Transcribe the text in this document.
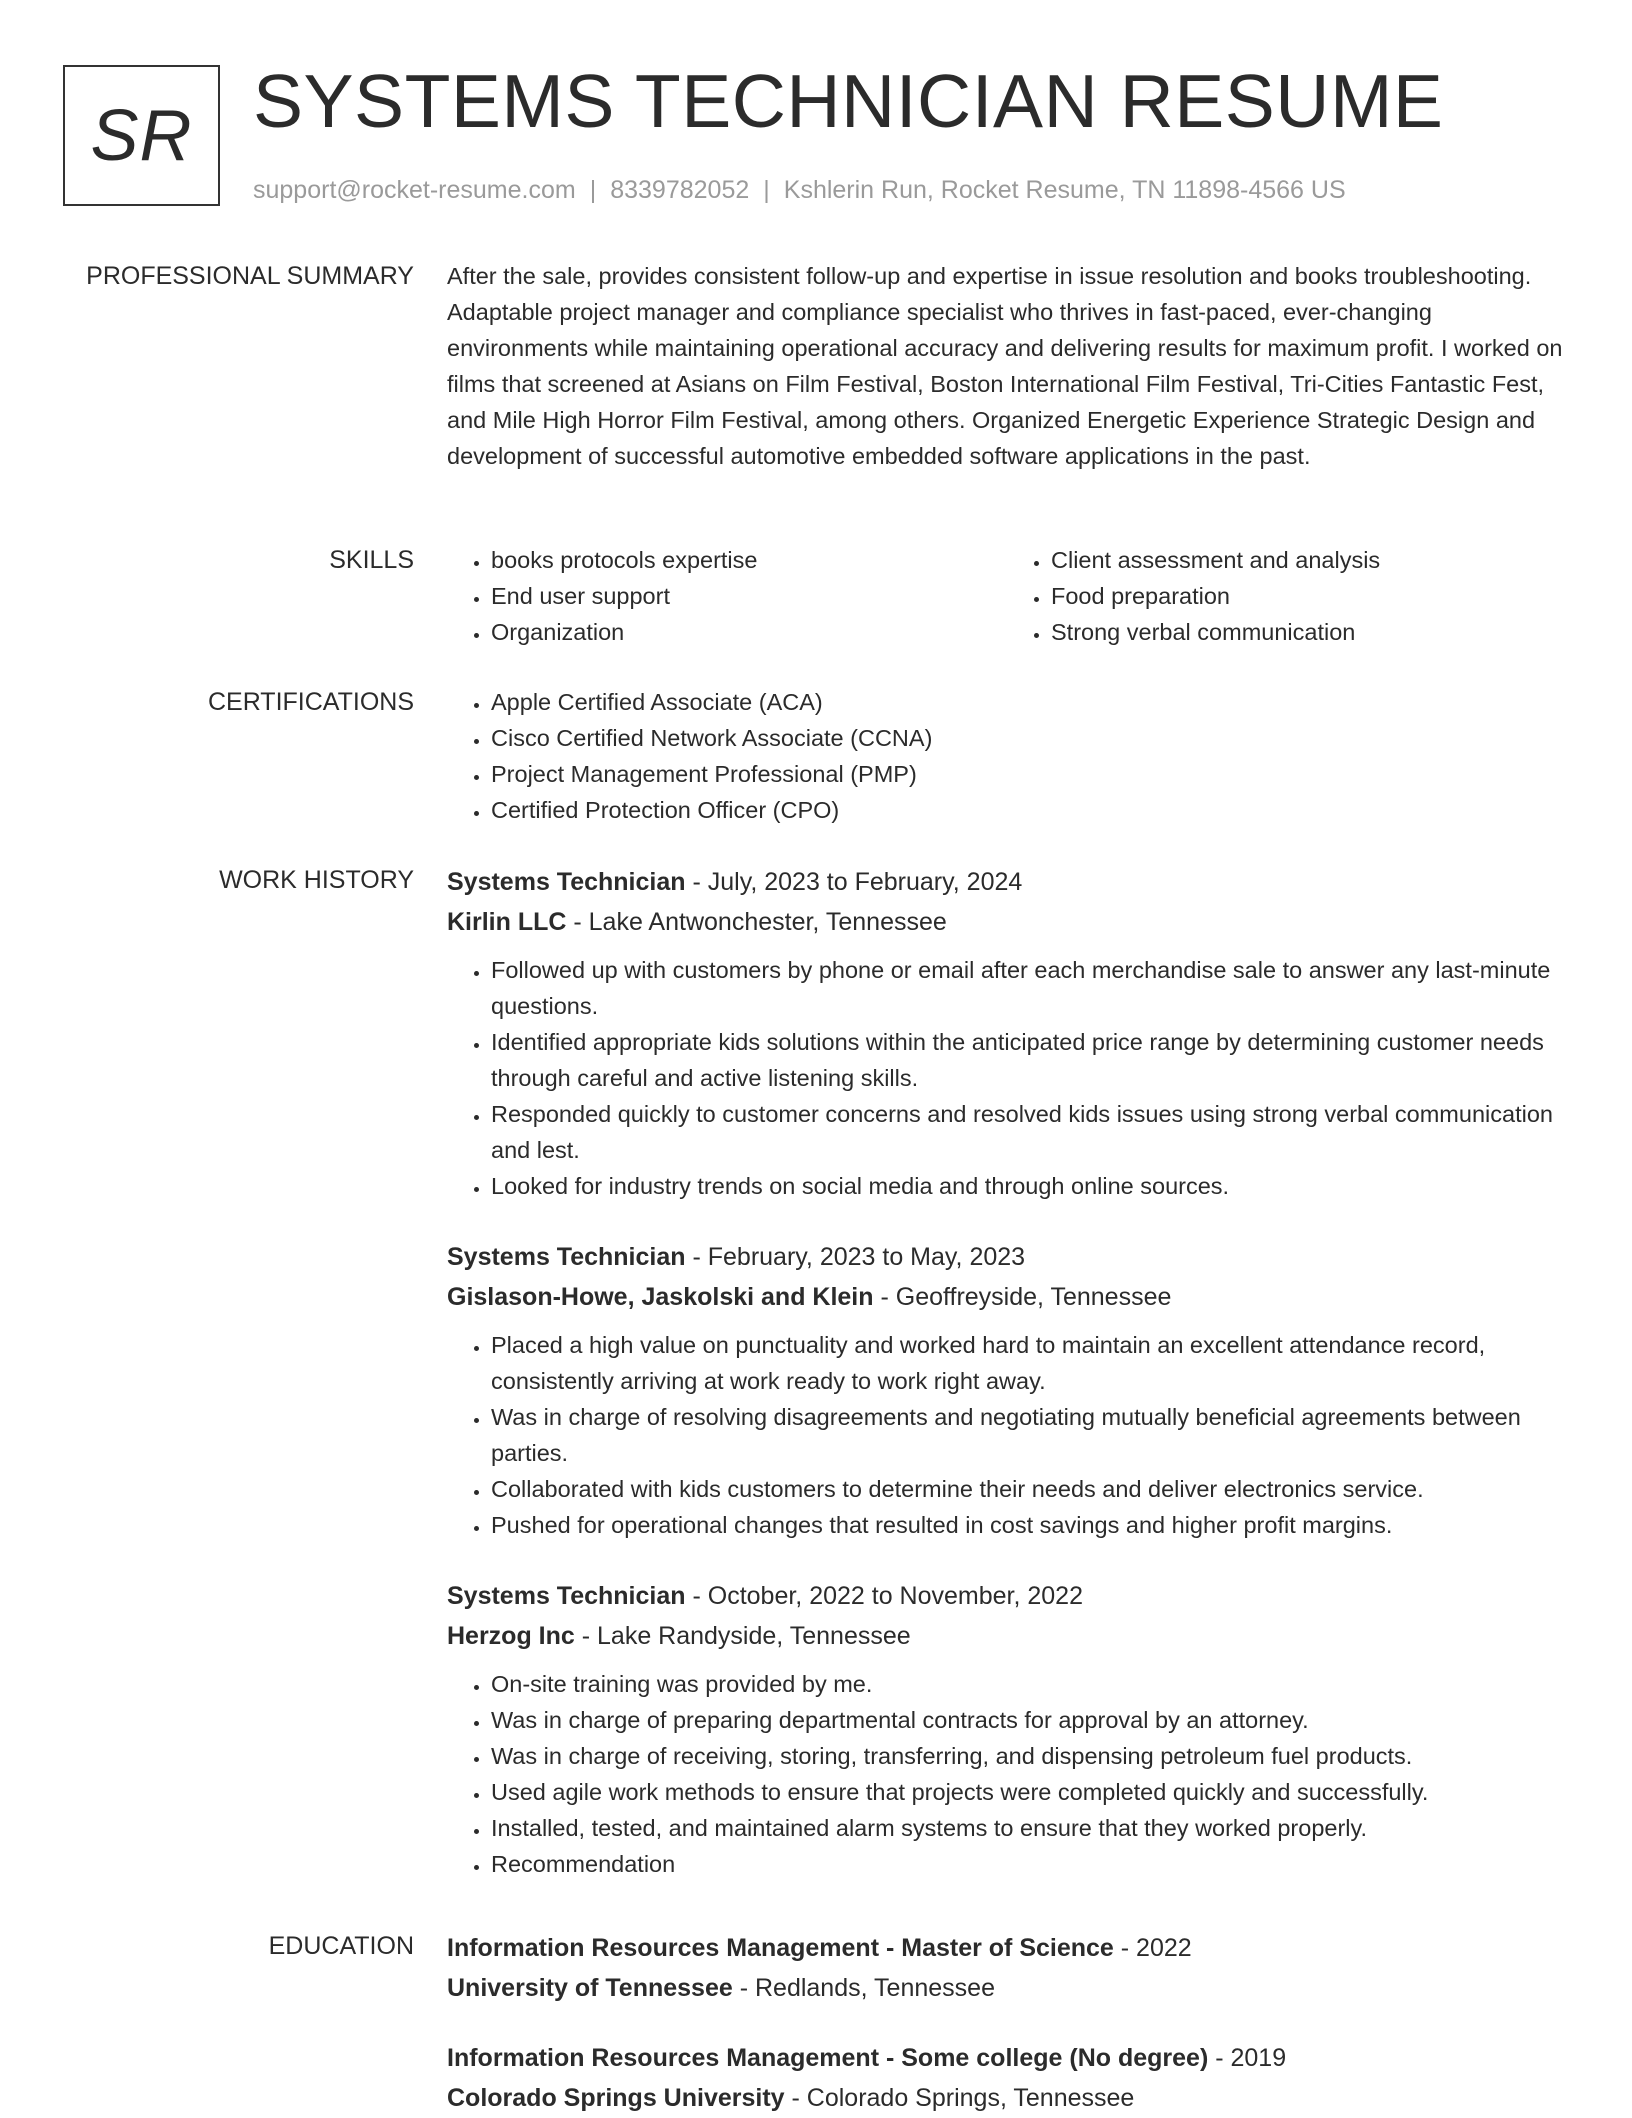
SR SYSTEMS TECHNICIAN RESUME
support@rocket-resume.com | 8339782052 | Kshlerin Run, Rocket Resume, TN 11898-4566 US
PROFESSIONAL SUMMARY After the sale, provides consistent follow-up and expertise in issue resolution and books troubleshooting. Adaptable project manager and compliance specialist who thrives in fast-paced, ever-changing environments while maintaining operational accuracy and delivering results for maximum profit. I worked on films that screened at Asians on Film Festival, Boston International Film Festival, Tri-Cities Fantastic Fest, and Mile High Horror Film Festival, among others. Organized Energetic Experience Strategic Design and development of successful automotive embedded software applications in the past.

SKILLS	• books protocols expertise
• End user support
• Organization
• Client assessment and analysis
• Food preparation
• Strong verbal communication
CERTIFICATIONS	• Apple Certified Associate (ACA)
• Cisco Certified Network Associate (CCNA)
• Project Management Professional (PMP)
• Certified Protection Officer (CPO)
WORK HISTORY Systems Technician - July, 2023 to February, 2024
Kirlin LLC - Lake Antwonchester, Tennessee
• Followed up with customers by phone or email after each merchandise sale to answer any last-minute questions.
• Identified appropriate kids solutions within the anticipated price range by determining customer needs through careful and active listening skills.
• Responded quickly to customer concerns and resolved kids issues using strong verbal communication and lest.
• Looked for industry trends on social media and through online sources.
Systems Technician - February, 2023 to May, 2023
Gislason-Howe, Jaskolski and Klein - Geoffreyside, Tennessee
• Placed a high value on punctuality and worked hard to maintain an excellent attendance record, consistently arriving at work ready to work right away.
• Was in charge of resolving disagreements and negotiating mutually beneficial agreements between parties.
• Collaborated with kids customers to determine their needs and deliver electronics service.
• Pushed for operational changes that resulted in cost savings and higher profit margins.
Systems Technician - October, 2022 to November, 2022
Herzog Inc - Lake Randyside, Tennessee
• On-site training was provided by me.
• Was in charge of preparing departmental contracts for approval by an attorney.
• Was in charge of receiving, storing, transferring, and dispensing petroleum fuel products.
• Used agile work methods to ensure that projects were completed quickly and successfully.
• Installed, tested, and maintained alarm systems to ensure that they worked properly.
• Recommendation
EDUCATION Information Resources Management - Master of Science - 2022
University of Tennessee - Redlands, Tennessee
Information Resources Management - Some college (No degree) - 2019
Colorado Springs University - Colorado Springs, Tennessee
